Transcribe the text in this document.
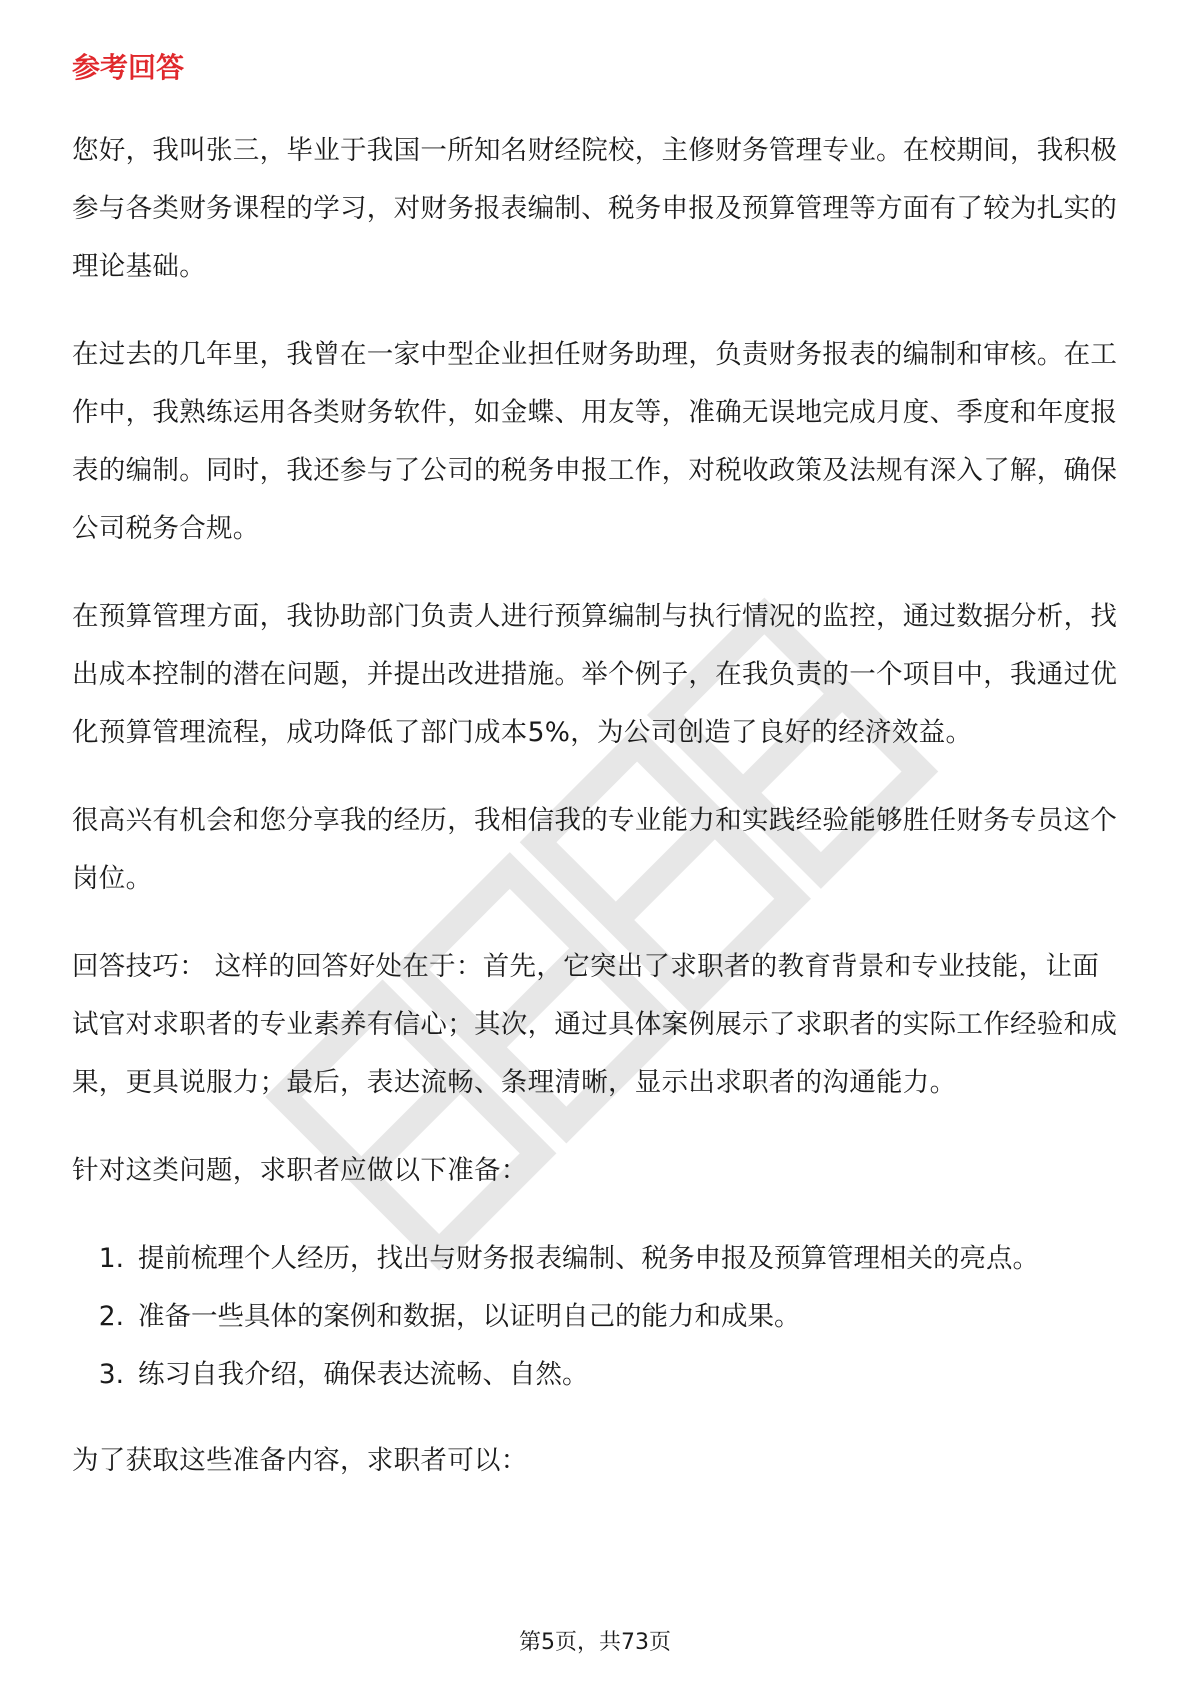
参考回答

您好，我叫张三，毕业于我国一所知名财经院校，主修财务管理专业。在校期间，我积极参与各类财务课程的学习，对财务报表编制、税务申报及预算管理等方面有了较为扎实的理论基础。

在过去的几年里，我曾在一家中型企业担任财务助理，负责财务报表的编制和审核。在工作中，我熟练运用各类财务软件，如金蝶、用友等，准确无误地完成月度、季度和年度报表的编制。同时，我还参与了公司的税务申报工作，对税收政策及法规有深入了解，确保公司税务合规。

在预算管理方面，我协助部门负责人进行预算编制与执行情况的监控，通过数据分析，找出成本控制的潜在问题，并提出改进措施。举个例子，在我负责的一个项目中，我通过优化预算管理流程，成功降低了部门成本5%，为公司创造了良好的经济效益。

很高兴有机会和您分享我的经历，我相信我的专业能力和实践经验能够胜任财务专员这个岗位。

回答技巧： 这样的回答好处在于：首先，它突出了求职者的教育背景和专业技能，让面试官对求职者的专业素养有信心；其次，通过具体案例展示了求职者的实际工作经验和成果，更具说服力；最后，表达流畅、条理清晰，显示出求职者的沟通能力。

针对这类问题，求职者应做以下准备：

1. 提前梳理个人经历，找出与财务报表编制、税务申报及预算管理相关的亮点。
2. 准备一些具体的案例和数据，以证明自己的能力和成果。
3. 练习自我介绍，确保表达流畅、自然。

为了获取这些准备内容，求职者可以：

第5页，共73页
